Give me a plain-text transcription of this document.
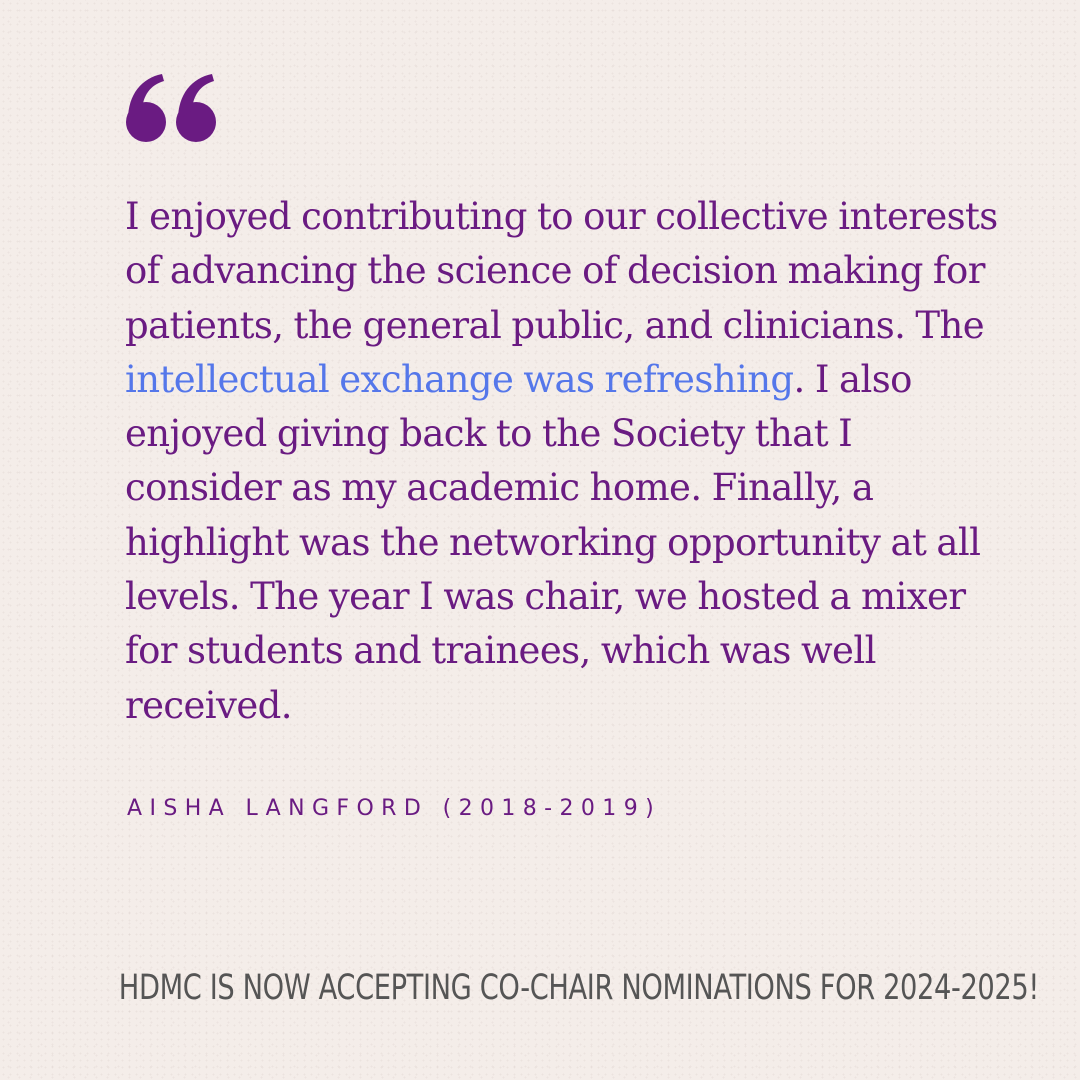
I enjoyed contributing to our collective interests of advancing the science of decision making for patients, the general public, and clinicians. The intellectual exchange was refreshing. I also enjoyed giving back to the Society that I consider as my academic home. Finally, a highlight was the networking opportunity at all levels. The year I was chair, we hosted a mixer for students and trainees, which was well received.

AISHA LANGFORD (2018-2019)
HDMC IS NOW ACCEPTING CO-CHAIR NOMINATIONS FOR 2024-2025!
